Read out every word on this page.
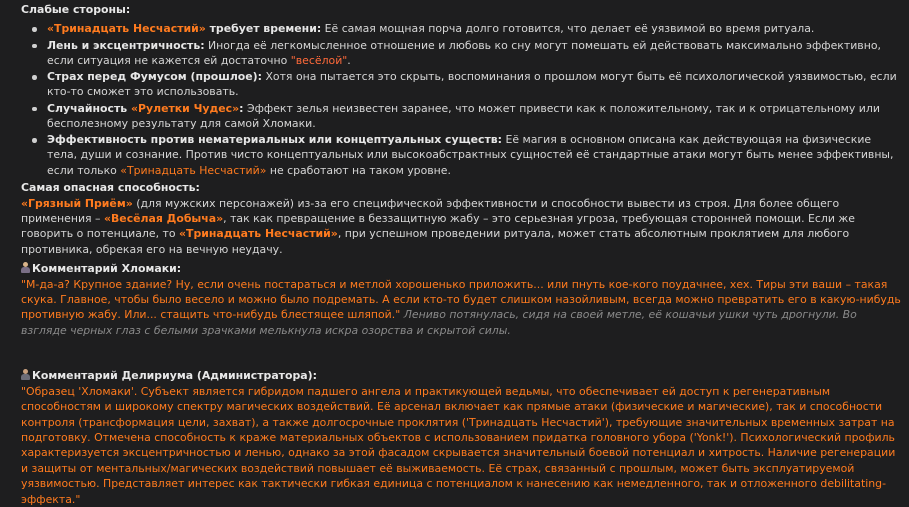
Слабые стороны:

«Тринадцать Несчастий» требует времени: Её самая мощная порча долго готовится, что делает её уязвимой во время ритуала.
Лень и эксцентричность: Иногда её легкомысленное отношение и любовь ко сну могут помешать ей действовать максимально эффективно, если ситуация не кажется ей достаточно "весёлой".
Страх перед Фумусом (прошлое): Хотя она пытается это скрыть, воспоминания о прошлом могут быть её психологической уязвимостью, если кто-то сможет это использовать.
Случайность «Рулетки Чудес»: Эффект зелья неизвестен заранее, что может привести как к положительному, так и к отрицательному или бесполезному результату для самой Хломаки.
Эффективность против нематериальных или концептуальных существ: Её магия в основном описана как действующая на физические тела, души и сознание. Против чисто концептуальных или высокоабстрактных сущностей её стандартные атаки могут быть менее эффективны, если только «Тринадцать Несчастий» не сработают на таком уровне.

Самая опасная способность:

«Грязный Приём» (для мужских персонажей) из-за его специфической эффективности и способности вывести из строя. Для более общего применения – «Весёлая Добыча», так как превращение в беззащитную жабу – это серьезная угроза, требующая сторонней помощи. Если же говорить о потенциале, то «Тринадцать Несчастий», при успешном проведении ритуала, может стать абсолютным проклятием для любого противника, обрекая его на вечную неудачу.

Комментарий Хломаки:

"М-да-а? Крупное здание? Ну, если очень постараться и метлой хорошенько приложить... или пнуть кое-кого поудачнее, хех. Тиры эти ваши – такая скука. Главное, чтобы было весело и можно было подремать. А если кто-то будет слишком назойливым, всегда можно превратить его в какую-нибудь противную жабу. Или... стащить что-нибудь блестящее шляпой." Лениво потянулась, сидя на своей метле, её кошачьи ушки чуть дрогнули. Во взгляде черных глаз с белыми зрачками мелькнула искра озорства и скрытой силы.

Комментарий Делириума (Администратора):

"Образец 'Хломаки'. Субъект является гибридом падшего ангела и практикующей ведьмы, что обеспечивает ей доступ к регенеративным способностям и широкому спектру магических воздействий. Её арсенал включает как прямые атаки (физические и магические), так и способности контроля (трансформация цели, захват), а также долгосрочные проклятия ('Тринадцать Несчастий'), требующие значительных временных затрат на подготовку. Отмечена способность к краже материальных объектов с использованием придатка головного убора ('Yonk!'). Психологический профиль характеризуется эксцентричностью и ленью, однако за этой фасадом скрывается значительный боевой потенциал и хитрость. Наличие регенерации и защиты от ментальных/магических воздействий повышает её выживаемость. Её страх, связанный с прошлым, может быть эксплуатируемой уязвимостью. Представляет интерес как тактически гибкая единица с потенциалом к нанесению как немедленного, так и отложенного debilitating-эффекта."
